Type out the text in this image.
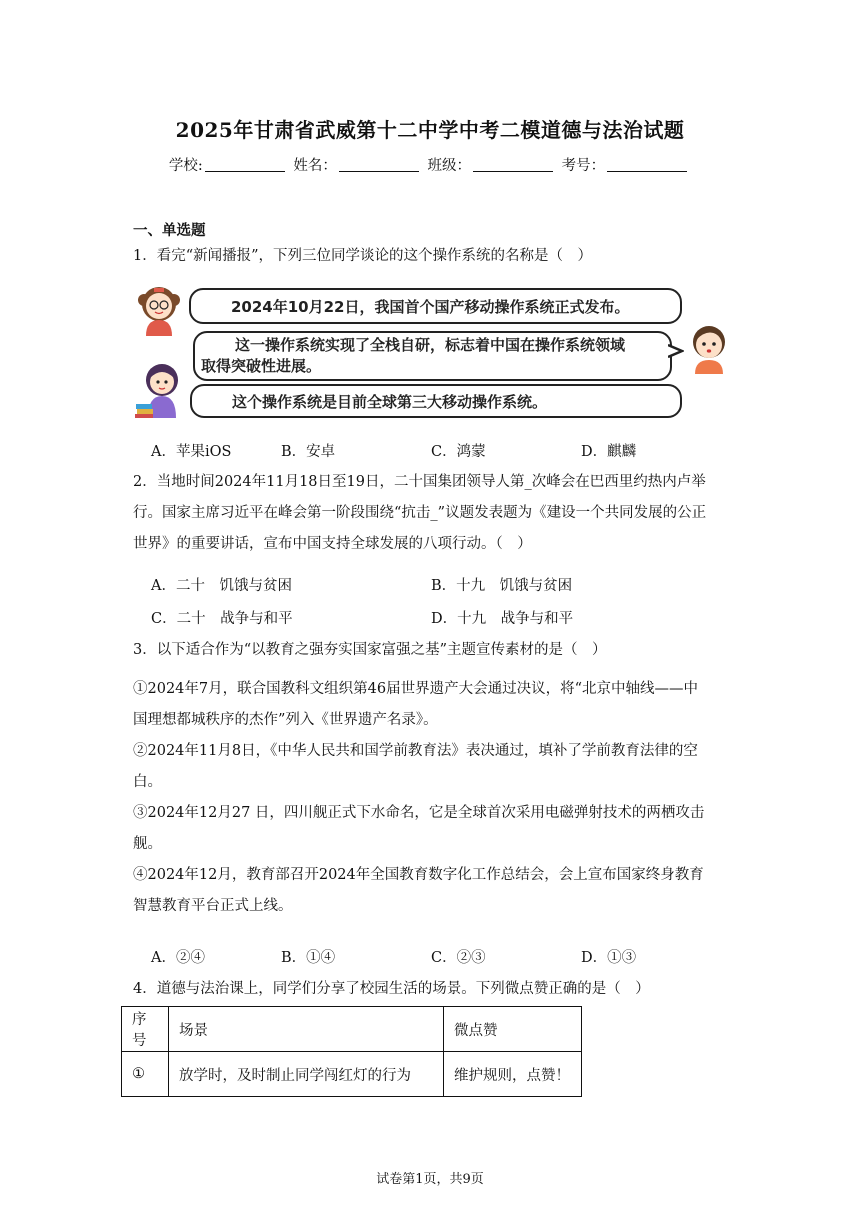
2025年甘肃省武威第十二中学中考二模道德与法治试题
学校:	姓名：	班级：	考号：
一、单选题
1．看完“新闻播报”，下列三位同学谈论的这个操作系统的名称是（　）
2024年10月22日，我国首个国产移动操作系统正式发布。
这一操作系统实现了全栈自研，标志着中国在操作系统领域
取得突破性进展。
这个操作系统是目前全球第三大移动操作系统。
A．苹果iOS	B．安卓	C．鸿蒙	D．麒麟
2．当地时间2024年11月18日至19日，二十国集团领导人第_次峰会在巴西里约热内卢举
行。国家主席习近平在峰会第一阶段围绕“抗击_”议题发表题为《建设一个共同发展的公正
世界》的重要讲话，宣布中国支持全球发展的八项行动。（　）
A．二十　饥饿与贫困	B．十九　饥饿与贫困
C．二十　战争与和平	D．十九　战争与和平
3．以下适合作为“以教育之强夯实国家富强之基”主题宣传素材的是（　）
①2024年7月，联合国教科文组织第46届世界遗产大会通过决议，将“北京中轴线——中
国理想都城秩序的杰作”列入《世界遗产名录》。
②2024年11月8日，《中华人民共和国学前教育法》表决通过，填补了学前教育法律的空
白。
③2024年12月27 日，四川舰正式下水命名，它是全球首次采用电磁弹射技术的两栖攻击
舰。
④2024年12月，教育部召开2024年全国教育数字化工作总结会，会上宣布国家终身教育
智慧教育平台正式上线。
A．②④	B．①④	C．②③	D．①③
4．道德与法治课上，同学们分享了校园生活的场景。下列微点赞正确的是（　）
序号	场景	微点赞
①	放学时，及时制止同学闯红灯的行为	维护规则，点赞！
试卷第1页，共9页
